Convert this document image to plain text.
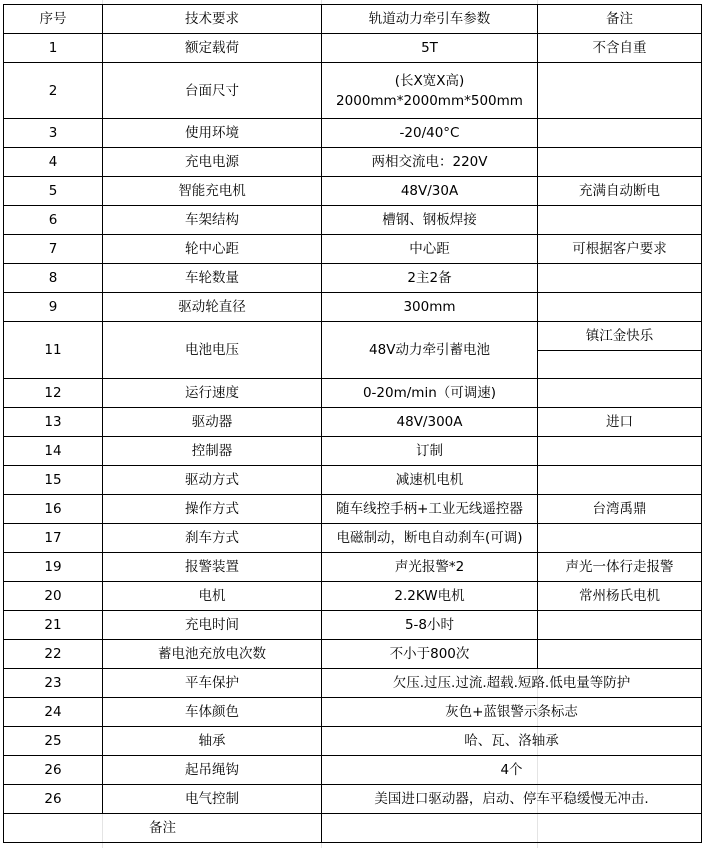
序号	技术要求	轨道动力牵引车参数	备注
1	额定载荷	5T	不含自重
2	台面尺寸	(长X宽X高)
2000mm*2000mm*500mm	

3	使用环境	-20/40°C	
4	充电电源	两相交流电：220V	
5	智能充电机	48V/30A	充满自动断电
6	车架结构	槽钢、钢板焊接	
7	轮中心距	中心距	可根据客户要求
8	车轮数量	2主2备	
9	驱动轮直径	300mm	
11	电池电压	48V动力牵引蓄电池	镇江金快乐

12	运行速度	0-20m/min（可调速)	
13	驱动器	48V/300A	进口
14	控制器	订制	
15	驱动方式	减速机电机	
16	操作方式	随车线控手柄+工业无线遥控器	台湾禹鼎
17	刹车方式	电磁制动，断电自动刹车(可调)	
19	报警装置	声光报警*2	声光一体行走报警
20	电机	2.2KW电机	常州杨氏电机
21	充电时间	5-8小时	
22	蓄电池充放电次数	不小于800次	
23	平车保护	欠压.过压.过流.超载.短路.低电量等防护	
24	车体颜色	灰色+蓝银警示条标志	
25	轴承	哈、瓦、洛轴承	
26	起吊绳钩	4个	
26	电气控制	美国进口驱动器，启动、停车平稳缓慢无冲击.	
备注			
